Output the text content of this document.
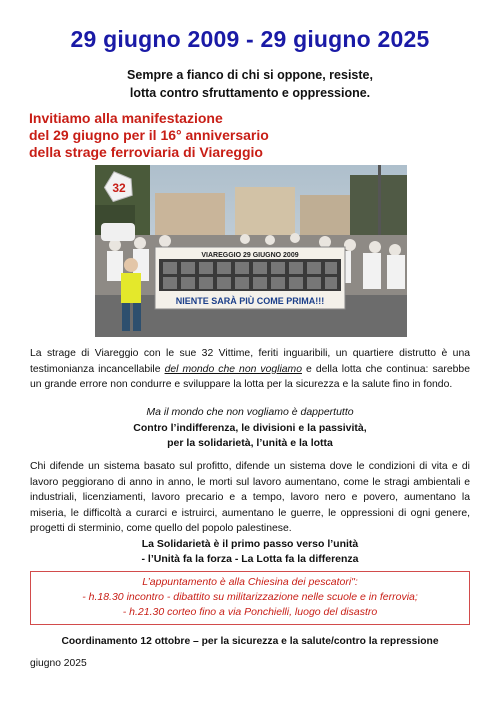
29 giugno 2009 - 29 giugno 2025
Sempre a fianco di chi si oppone, resiste,
lotta contro sfruttamento e oppressione.
Invitiamo alla manifestazione
del 29 giugno per il 16° anniversario
della strage ferroviaria di Viareggio
32
VIAREGGIO 29 GIUGNO 2009
NIENTE SARÀ PIÙ COME PRIMA!!!
La strage di Viareggio con le sue 32 Vittime, feriti inguaribili, un quartiere distrutto è una testimonianza incancellabile del mondo che non vogliamo e della lotta che continua: sarebbe un grande errore non condurre e sviluppare la lotta per la sicurezza e la salute fino in fondo.
Ma il mondo che non vogliamo è dappertutto
Contro l’indifferenza, le divisioni e la passività,
per la solidarietà, l’unità e la lotta
Chi difende un sistema basato sul profitto, difende un sistema dove le condizioni di vita e di lavoro peggiorano di anno in anno, le morti sul lavoro aumentano, come le stragi ambientali e industriali, licenziamenti, lavoro precario e a tempo, lavoro nero e povero, aumentano la miseria, le difficoltà a curarci e istruirci, aumentano le guerre, le oppressioni di ogni genere, progetti di sterminio, come quello del popolo palestinese.
La Solidarietà è il primo passo verso l’unità
- l’Unità fa la forza - La Lotta fa la differenza
L’appuntamento è alla Chiesina dei pescatori":
- h.18.30 incontro - dibattito su militarizzazione nelle scuole e in ferrovia;
- h.21.30 corteo fino a via Ponchielli, luogo del disastro
Coordinamento 12 ottobre – per la sicurezza e la salute/contro la repressione
giugno 2025
